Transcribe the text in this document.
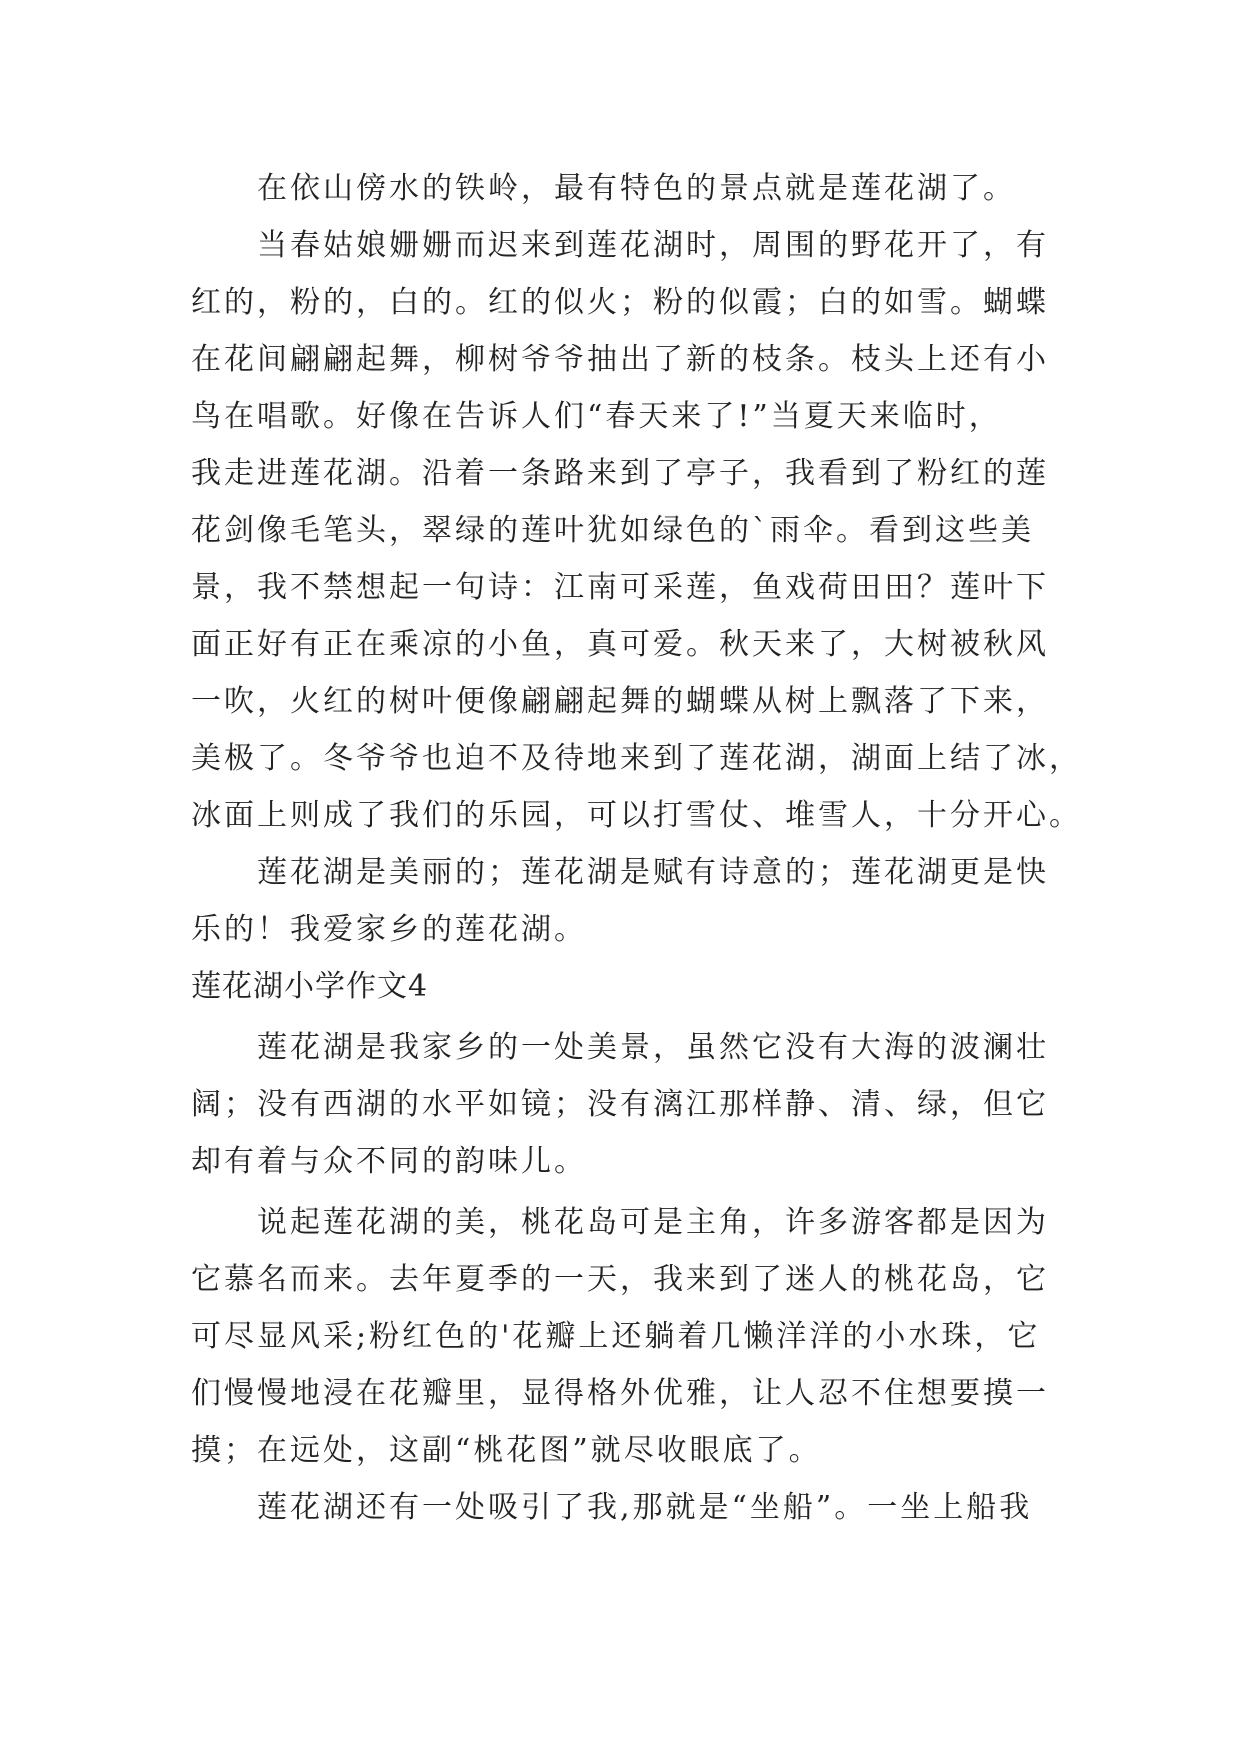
在依山傍水的铁岭，最有特色的景点就是莲花湖了。
当春姑娘姗姗而迟来到莲花湖时，周围的野花开了，有
红的，粉的，白的。红的似火；粉的似霞；白的如雪。蝴蝶
在花间翩翩起舞，柳树爷爷抽出了新的枝条。枝头上还有小
鸟在唱歌。好像在告诉人们“春天来了!”当夏天来临时，
我走进莲花湖。沿着一条路来到了亭子，我看到了粉红的莲
花剑像毛笔头，翠绿的莲叶犹如绿色的`雨伞。看到这些美
景，我不禁想起一句诗：江南可采莲，鱼戏荷田田？莲叶下
面正好有正在乘凉的小鱼，真可爱。秋天来了，大树被秋风
一吹，火红的树叶便像翩翩起舞的蝴蝶从树上飘落了下来，
美极了。冬爷爷也迫不及待地来到了莲花湖，湖面上结了冰，
冰面上则成了我们的乐园，可以打雪仗、堆雪人，十分开心。
莲花湖是美丽的；莲花湖是赋有诗意的；莲花湖更是快
乐的！我爱家乡的莲花湖。
莲花湖小学作文4
莲花湖是我家乡的一处美景，虽然它没有大海的波澜壮
阔；没有西湖的水平如镜；没有漓江那样静、清、绿，但它
却有着与众不同的韵味儿。
说起莲花湖的美，桃花岛可是主角，许多游客都是因为
它慕名而来。去年夏季的一天，我来到了迷人的桃花岛，它
可尽显风采;粉红色的'花瓣上还躺着几懒洋洋的小水珠，它
们慢慢地浸在花瓣里，显得格外优雅，让人忍不住想要摸一
摸；在远处，这副“桃花图”就尽收眼底了。
莲花湖还有一处吸引了我,那就是“坐船”。一坐上船我
